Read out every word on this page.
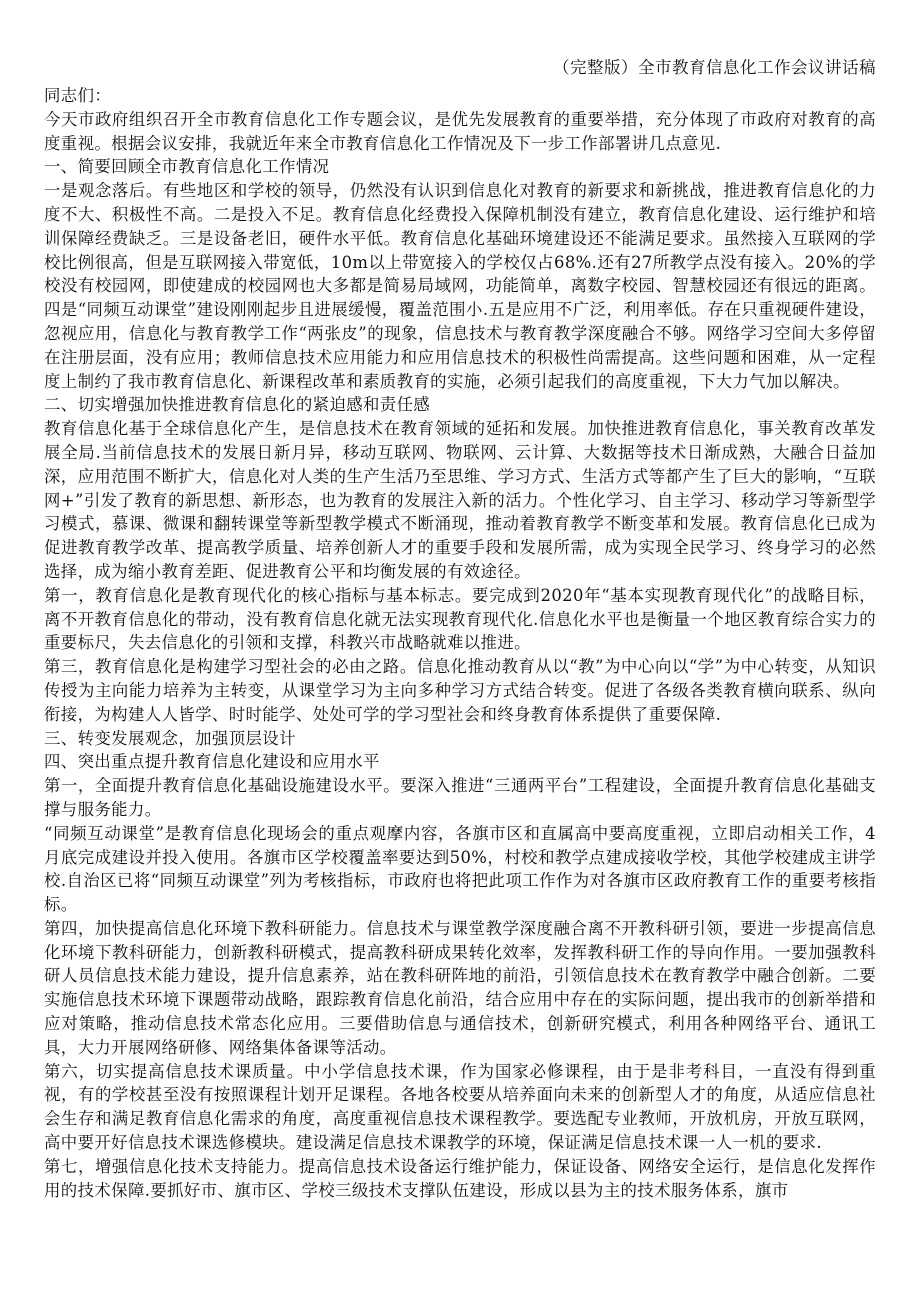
（完整版）全市教育信息化工作会议讲话稿

同志们：

今天市政府组织召开全市教育信息化工作专题会议，是优先发展教育的重要举措，充分体现了市政府对教育的高度重视。根据会议安排，我就近年来全市教育信息化工作情况及下一步工作部署讲几点意见.

一、简要回顾全市教育信息化工作情况

一是观念落后。有些地区和学校的领导，仍然没有认识到信息化对教育的新要求和新挑战，推进教育信息化的力度不大、积极性不高。二是投入不足。教育信息化经费投入保障机制没有建立，教育信息化建设、运行维护和培训保障经费缺乏。三是设备老旧，硬件水平低。教育信息化基础环境建设还不能满足要求。虽然接入互联网的学校比例很高，但是互联网接入带宽低，10m以上带宽接入的学校仅占68%.还有27所教学点没有接入。20%的学校没有校园网，即使建成的校园网也大多都是简易局域网，功能简单，离数字校园、智慧校园还有很远的距离。四是“同频互动课堂”建设刚刚起步且进展缓慢，覆盖范围小.五是应用不广泛，利用率低。存在只重视硬件建设，忽视应用，信息化与教育教学工作“两张皮”的现象，信息技术与教育教学深度融合不够。网络学习空间大多停留在注册层面，没有应用；教师信息技术应用能力和应用信息技术的积极性尚需提高。这些问题和困难，从一定程度上制约了我市教育信息化、新课程改革和素质教育的实施，必须引起我们的高度重视，下大力气加以解决。

二、切实增强加快推进教育信息化的紧迫感和责任感

教育信息化基于全球信息化产生，是信息技术在教育领域的延拓和发展。加快推进教育信息化，事关教育改革发展全局.当前信息技术的发展日新月异，移动互联网、物联网、云计算、大数据等技术日渐成熟，大融合日益加深，应用范围不断扩大，信息化对人类的生产生活乃至思维、学习方式、生活方式等都产生了巨大的影响，“互联网+”引发了教育的新思想、新形态，也为教育的发展注入新的活力。个性化学习、自主学习、移动学习等新型学习模式，慕课、微课和翻转课堂等新型教学模式不断涌现，推动着教育教学不断变革和发展。教育信息化已成为促进教育教学改革、提高教学质量、培养创新人才的重要手段和发展所需，成为实现全民学习、终身学习的必然选择，成为缩小教育差距、促进教育公平和均衡发展的有效途径。

第一，教育信息化是教育现代化的核心指标与基本标志。要完成到2020年“基本实现教育现代化”的战略目标，离不开教育信息化的带动，没有教育信息化就无法实现教育现代化.信息化水平也是衡量一个地区教育综合实力的重要标尺，失去信息化的引领和支撑，科教兴市战略就难以推进。

第三，教育信息化是构建学习型社会的必由之路。信息化推动教育从以“教”为中心向以“学”为中心转变，从知识传授为主向能力培养为主转变，从课堂学习为主向多种学习方式结合转变。促进了各级各类教育横向联系、纵向衔接，为构建人人皆学、时时能学、处处可学的学习型社会和终身教育体系提供了重要保障.

三、转变发展观念，加强顶层设计

四、突出重点提升教育信息化建设和应用水平

第一，全面提升教育信息化基础设施建设水平。要深入推进“三通两平台”工程建设，全面提升教育信息化基础支撑与服务能力。

“同频互动课堂”是教育信息化现场会的重点观摩内容，各旗市区和直属高中要高度重视，立即启动相关工作，4月底完成建设并投入使用。各旗市区学校覆盖率要达到50%，村校和教学点建成接收学校，其他学校建成主讲学校.自治区已将“同频互动课堂”列为考核指标，市政府也将把此项工作作为对各旗市区政府教育工作的重要考核指标。

第四，加快提高信息化环境下教科研能力。信息技术与课堂教学深度融合离不开教科研引领，要进一步提高信息化环境下教科研能力，创新教科研模式，提高教科研成果转化效率，发挥教科研工作的导向作用。一要加强教科研人员信息技术能力建设，提升信息素养，站在教科研阵地的前沿，引领信息技术在教育教学中融合创新。二要实施信息技术环境下课题带动战略，跟踪教育信息化前沿，结合应用中存在的实际问题，提出我市的创新举措和应对策略，推动信息技术常态化应用。三要借助信息与通信技术，创新研究模式，利用各种网络平台、通讯工具，大力开展网络研修、网络集体备课等活动。

第六，切实提高信息技术课质量。中小学信息技术课，作为国家必修课程，由于是非考科目，一直没有得到重视，有的学校甚至没有按照课程计划开足课程。各地各校要从培养面向未来的创新型人才的角度，从适应信息社会生存和满足教育信息化需求的角度，高度重视信息技术课程教学。要选配专业教师，开放机房，开放互联网，高中要开好信息技术课选修模块。建设满足信息技术课教学的环境，保证满足信息技术课一人一机的要求.

第七，增强信息化技术支持能力。提高信息技术设备运行维护能力，保证设备、网络安全运行，是信息化发挥作用的技术保障.要抓好市、旗市区、学校三级技术支撑队伍建设，形成以县为主的技术服务体系，旗市
